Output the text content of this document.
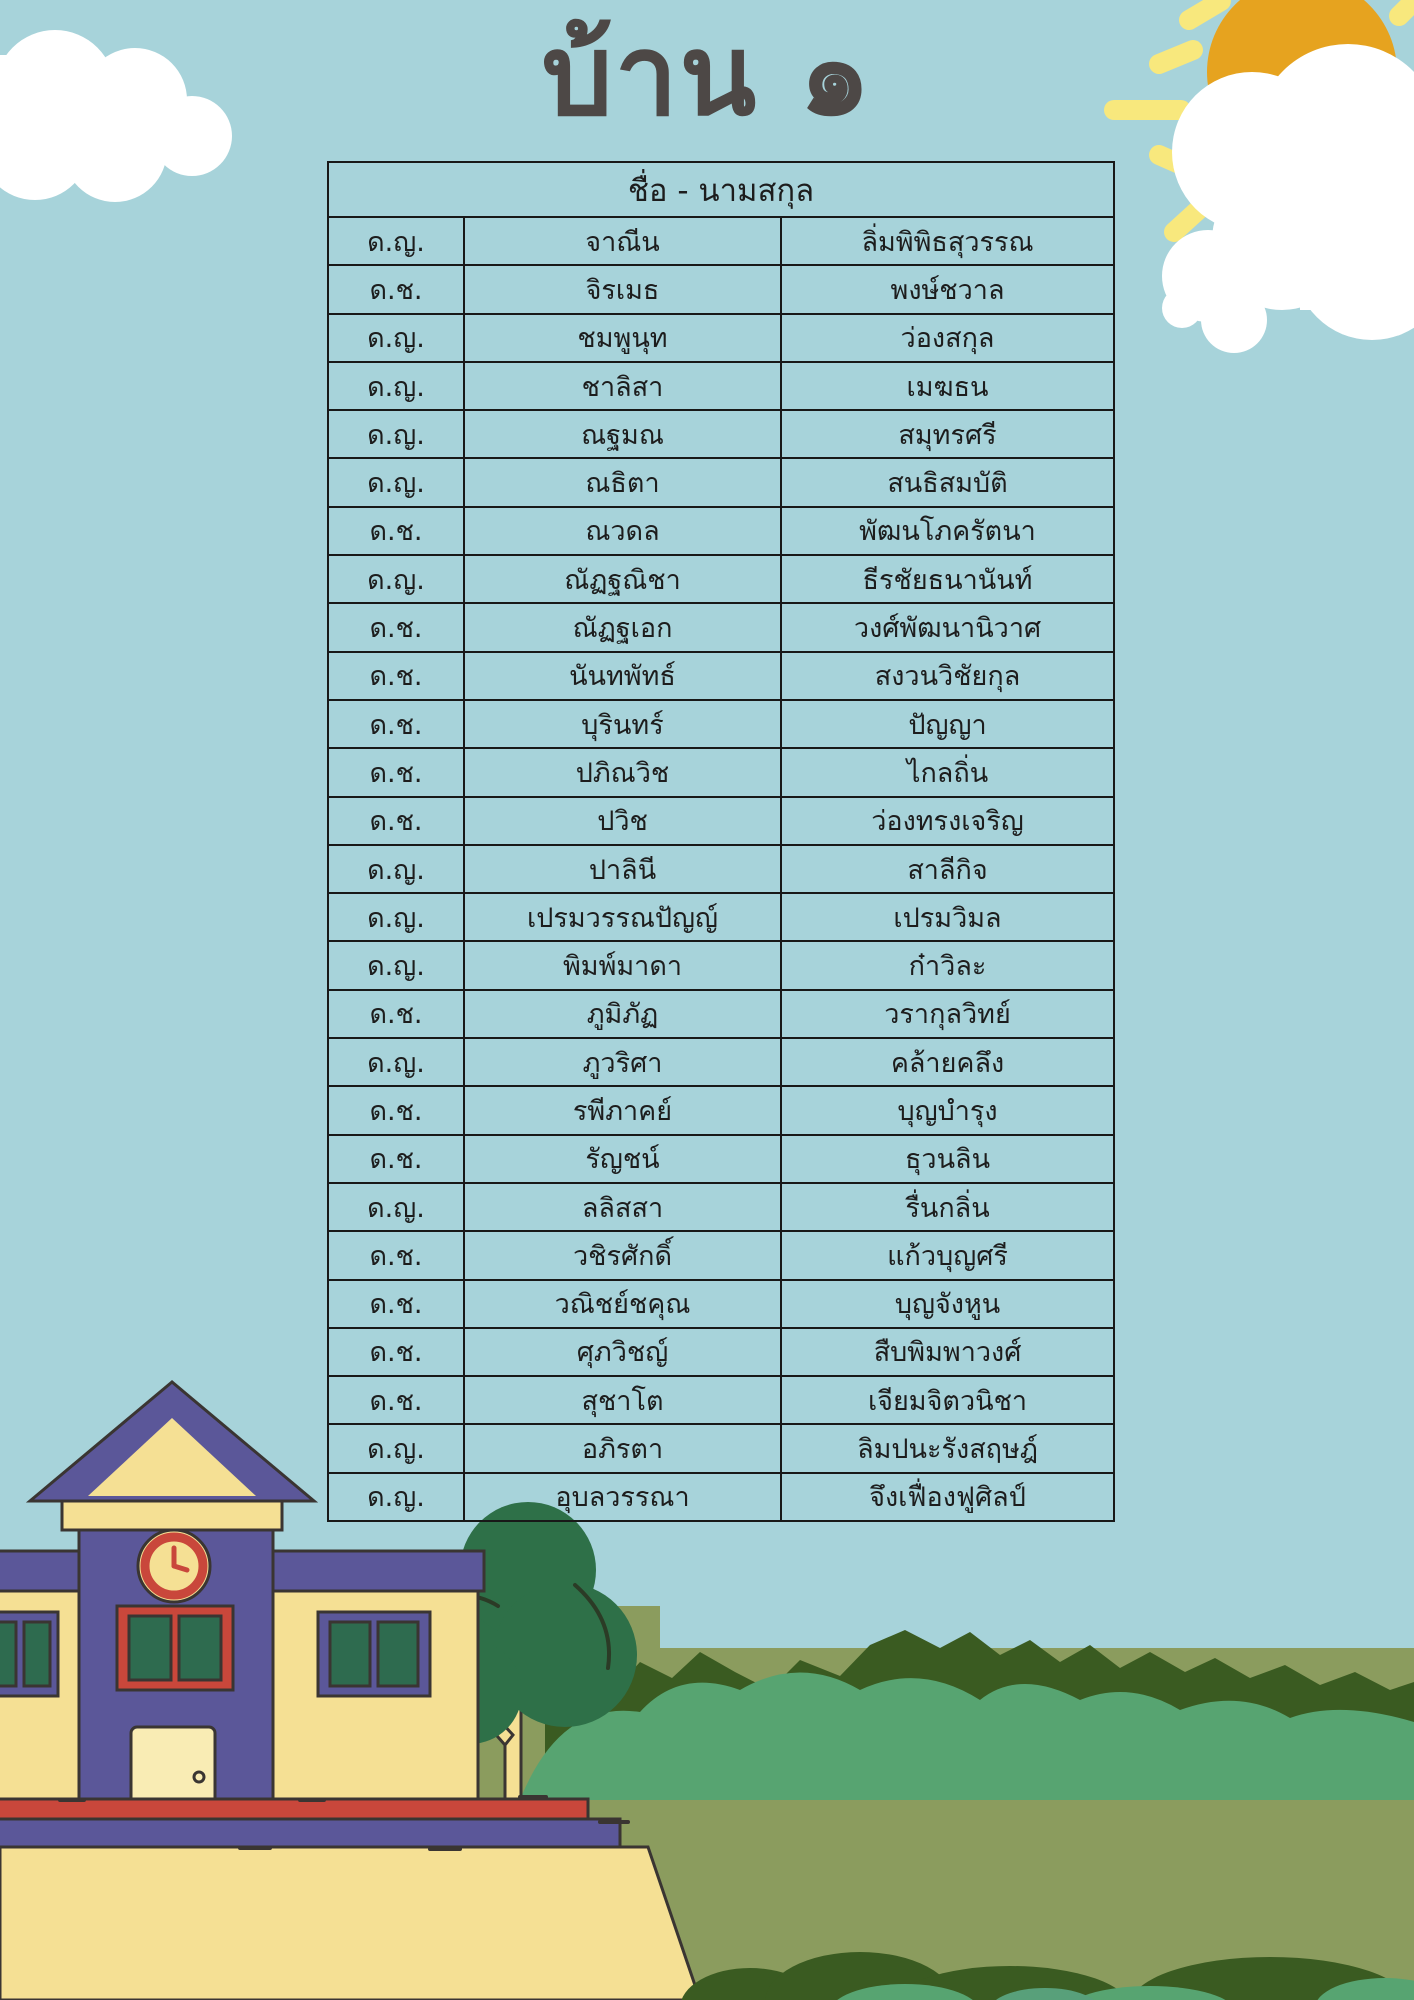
บ้าน ๑
ชื่อ - นามสกุล		
ด.ญ.	จาณีน	ลิ่มพิพิธสุวรรณ
ด.ช.	จิรเมธ	พงษ์ชวาล
ด.ญ.	ชมพูนุท	ว่องสกุล
ด.ญ.	ชาลิสา	เมฆธน
ด.ญ.	ณฐมณ	สมุทรศรี
ด.ญ.	ณธิตา	สนธิสมบัติ
ด.ช.	ณวดล	พัฒนโภครัตนา
ด.ญ.	ณัฏฐณิชา	ธีรชัยธนานันท์
ด.ช.	ณัฏฐเอก	วงศ์พัฒนานิวาศ
ด.ช.	นันทพัทธ์	สงวนวิชัยกุล
ด.ช.	บุรินทร์	ปัญญา
ด.ช.	ปภิณวิช	ไกลถิ่น
ด.ช.	ปวิช	ว่องทรงเจริญ
ด.ญ.	ปาลินี	สาลีกิจ
ด.ญ.	เปรมวรรณปัญญ์	เปรมวิมล
ด.ญ.	พิมพ์มาดา	ก๋าวิละ
ด.ช.	ภูมิภัฏ	วรากุลวิทย์
ด.ญ.	ภูวริศา	คล้ายคลึง
ด.ช.	รพีภาคย์	บุญบำรุง
ด.ช.	รัญชน์	ธุวนลิน
ด.ญ.	ลลิสสา	รื่นกลิ่น
ด.ช.	วชิรศักดิ์	แก้วบุญศรี
ด.ช.	วณิชย์ชคุณ	บุญจังหูน
ด.ช.	ศุภวิชญ์	สืบพิมพาวงศ์
ด.ช.	สุชาโต	เจียมจิตวนิชา
ด.ญ.	อภิรตา	ลิมปนะรังสฤษฎ์
ด.ญ.	อุบลวรรณา	จึงเฟื่องฟูศิลป์
